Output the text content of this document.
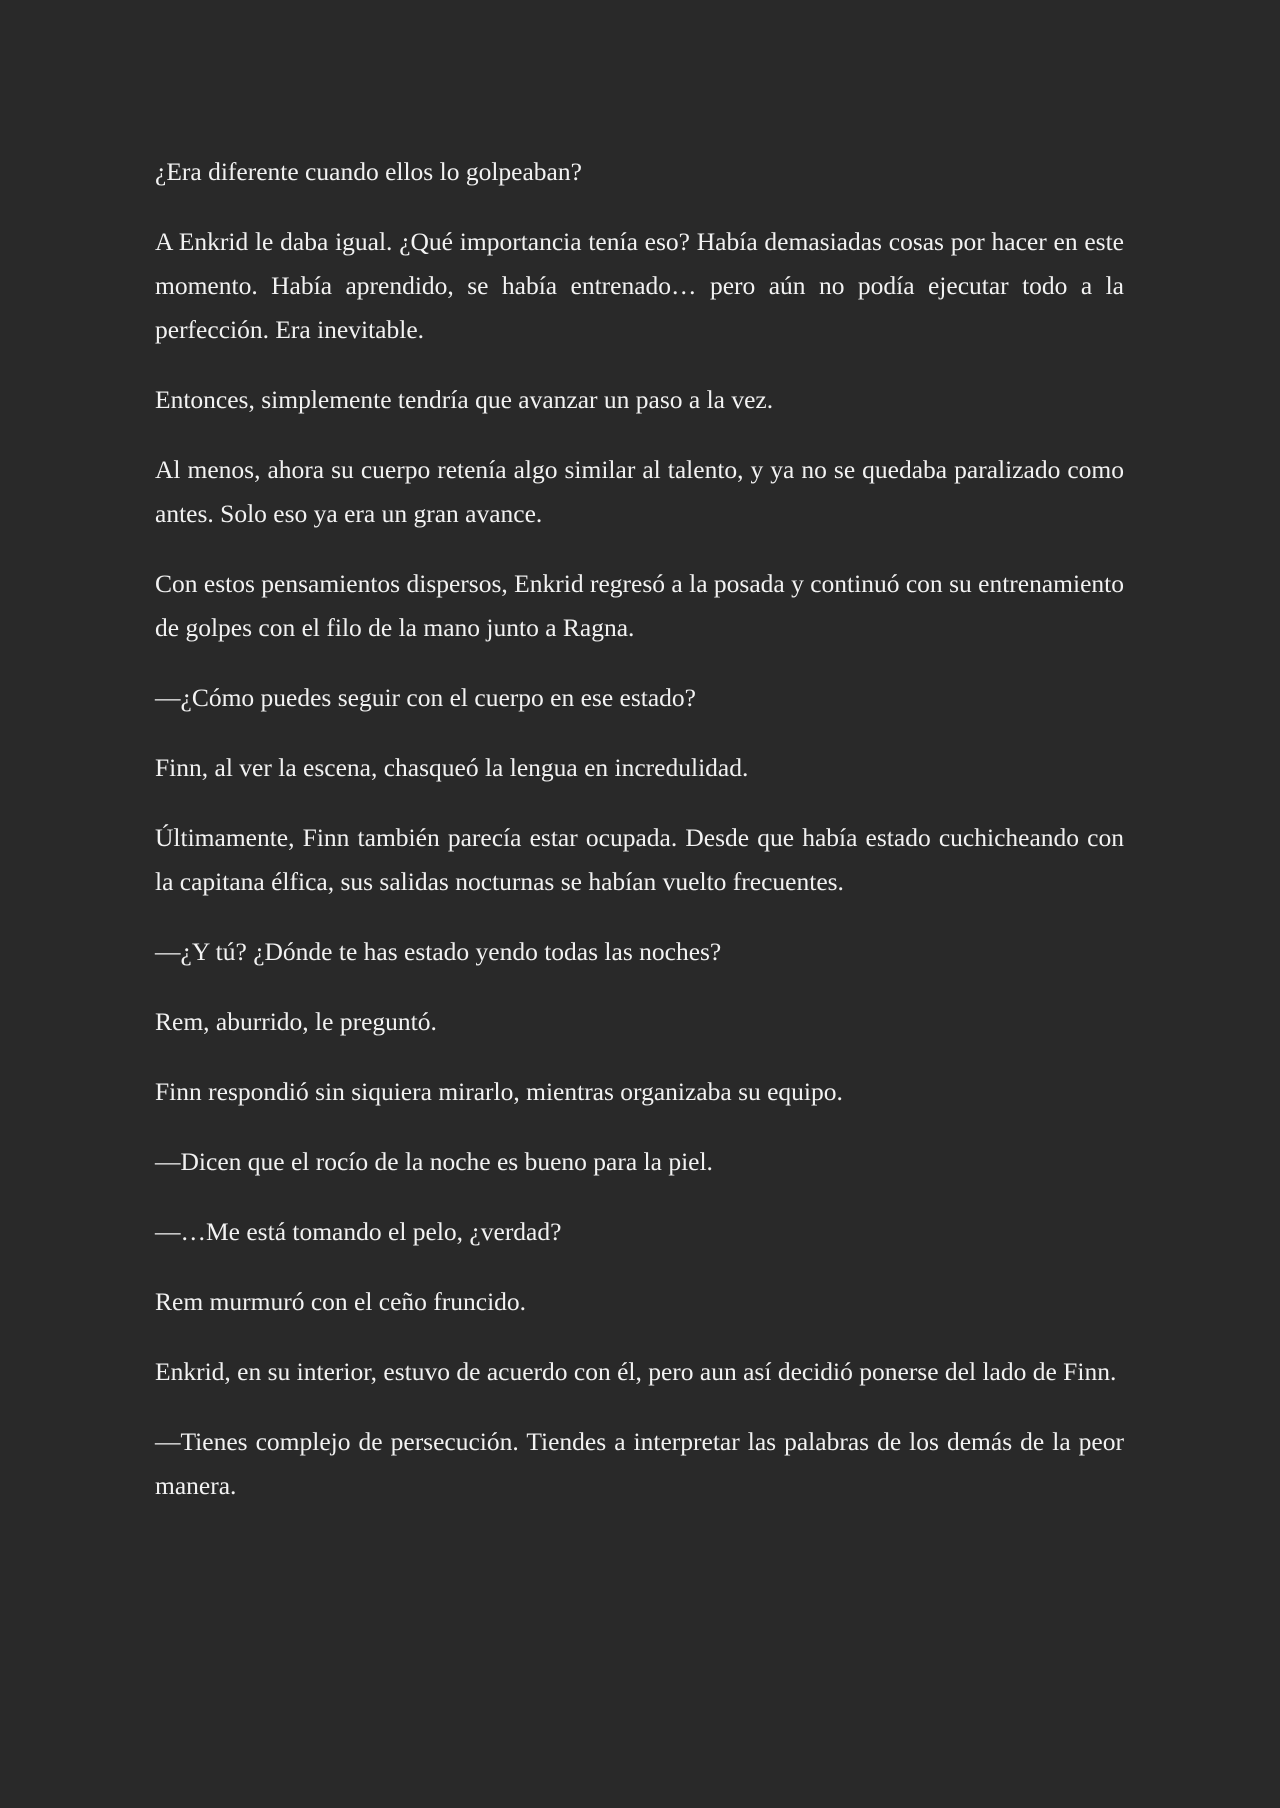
¿Era diferente cuando ellos lo golpeaban?

A Enkrid le daba igual. ¿Qué importancia tenía eso? Había demasiadas cosas por hacer en este momento. Había aprendido, se había entrenado… pero aún no podía ejecutar todo a la perfección. Era inevitable.

Entonces, simplemente tendría que avanzar un paso a la vez.

Al menos, ahora su cuerpo retenía algo similar al talento, y ya no se quedaba paralizado como antes. Solo eso ya era un gran avance.

Con estos pensamientos dispersos, Enkrid regresó a la posada y continuó con su entrenamiento de golpes con el filo de la mano junto a Ragna.

—¿Cómo puedes seguir con el cuerpo en ese estado?

Finn, al ver la escena, chasqueó la lengua en incredulidad.

Últimamente, Finn también parecía estar ocupada. Desde que había estado cuchicheando con la capitana élfica, sus salidas nocturnas se habían vuelto frecuentes.

—¿Y tú? ¿Dónde te has estado yendo todas las noches?

Rem, aburrido, le preguntó.

Finn respondió sin siquiera mirarlo, mientras organizaba su equipo.

—Dicen que el rocío de la noche es bueno para la piel.

—…Me está tomando el pelo, ¿verdad?

Rem murmuró con el ceño fruncido.

Enkrid, en su interior, estuvo de acuerdo con él, pero aun así decidió ponerse del lado de Finn.

—Tienes complejo de persecución. Tiendes a interpretar las palabras de los demás de la peor manera.
